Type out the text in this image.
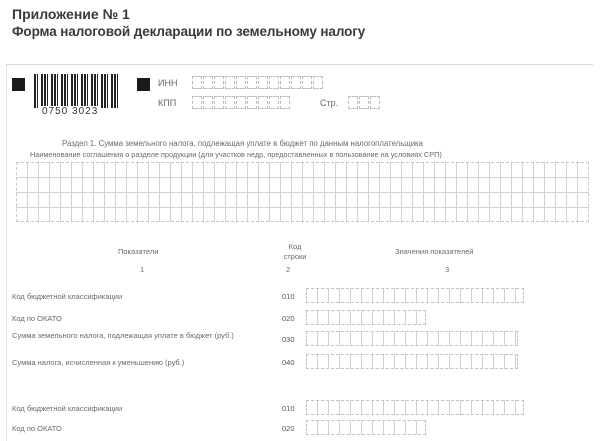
Приложение № 1
Форма налоговой декларации по земельному налогу
0750 3023
ИНН
КПП	Стр.
Раздел 1. Сумма земельного налога, подлежащая уплате в бюджет по данным налогоплательщика
Наименование соглашения о разделе продукции (для участков недр, предоставленных в пользование на условиях СРП)
Показатели
Код строки
Значения показателей
1	2	3
Код бюджетной классификации	010
Код по ОКАТО	020
Сумма земельного налога, подлежащая уплате в бюджет (руб.)	030
Сумма налога, исчисленная к уменьшению (руб.)	040
Код бюджетной классификации	010
Код по ОКАТО	020
